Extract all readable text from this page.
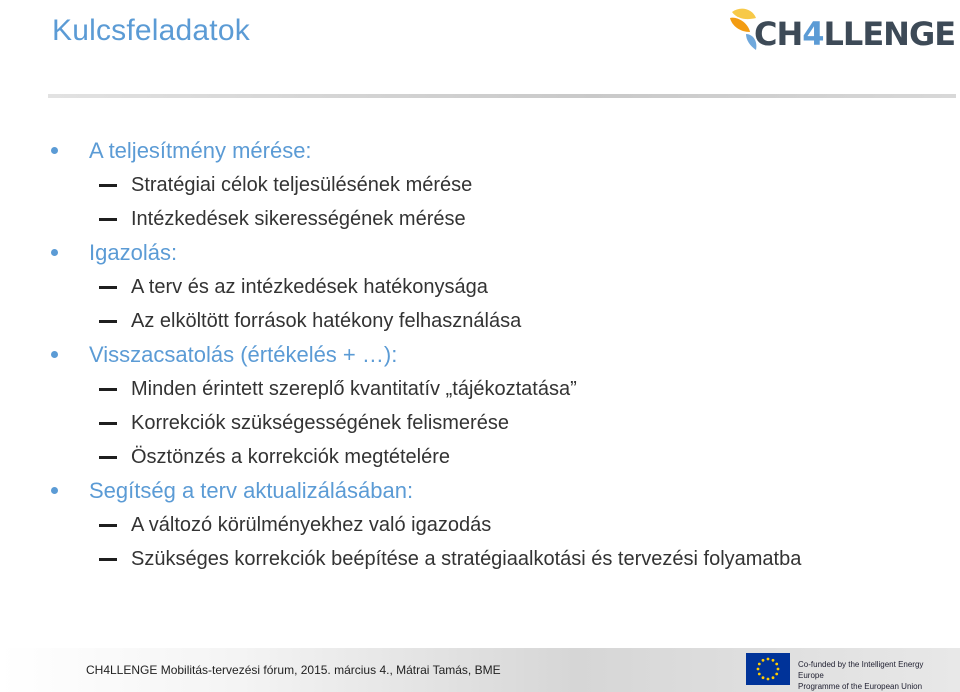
Kulcsfeladatok	CH4LLENGE
A teljesítmény mérése:
Stratégiai célok teljesülésének mérése
Intézkedések sikerességének mérése
Igazolás:
A terv és az intézkedések hatékonysága
Az elköltött források hatékony felhasználása
Visszacsatolás (értékelés + …):
Minden érintett szereplő kvantitatív „tájékoztatása”
Korrekciók szükségességének felismerése
Ösztönzés a korrekciók megtételére
Segítség a terv aktualizálásában:
A változó körülményekhez való igazodás
Szükséges korrekciók beépítése a stratégiaalkotási és tervezési folyamatba
CH4LLENGE Mobilitás-tervezési fórum, 2015. március 4., Mátrai Tamás, BME	Co-funded by the Intelligent Energy Europe
Programme of the European Union
